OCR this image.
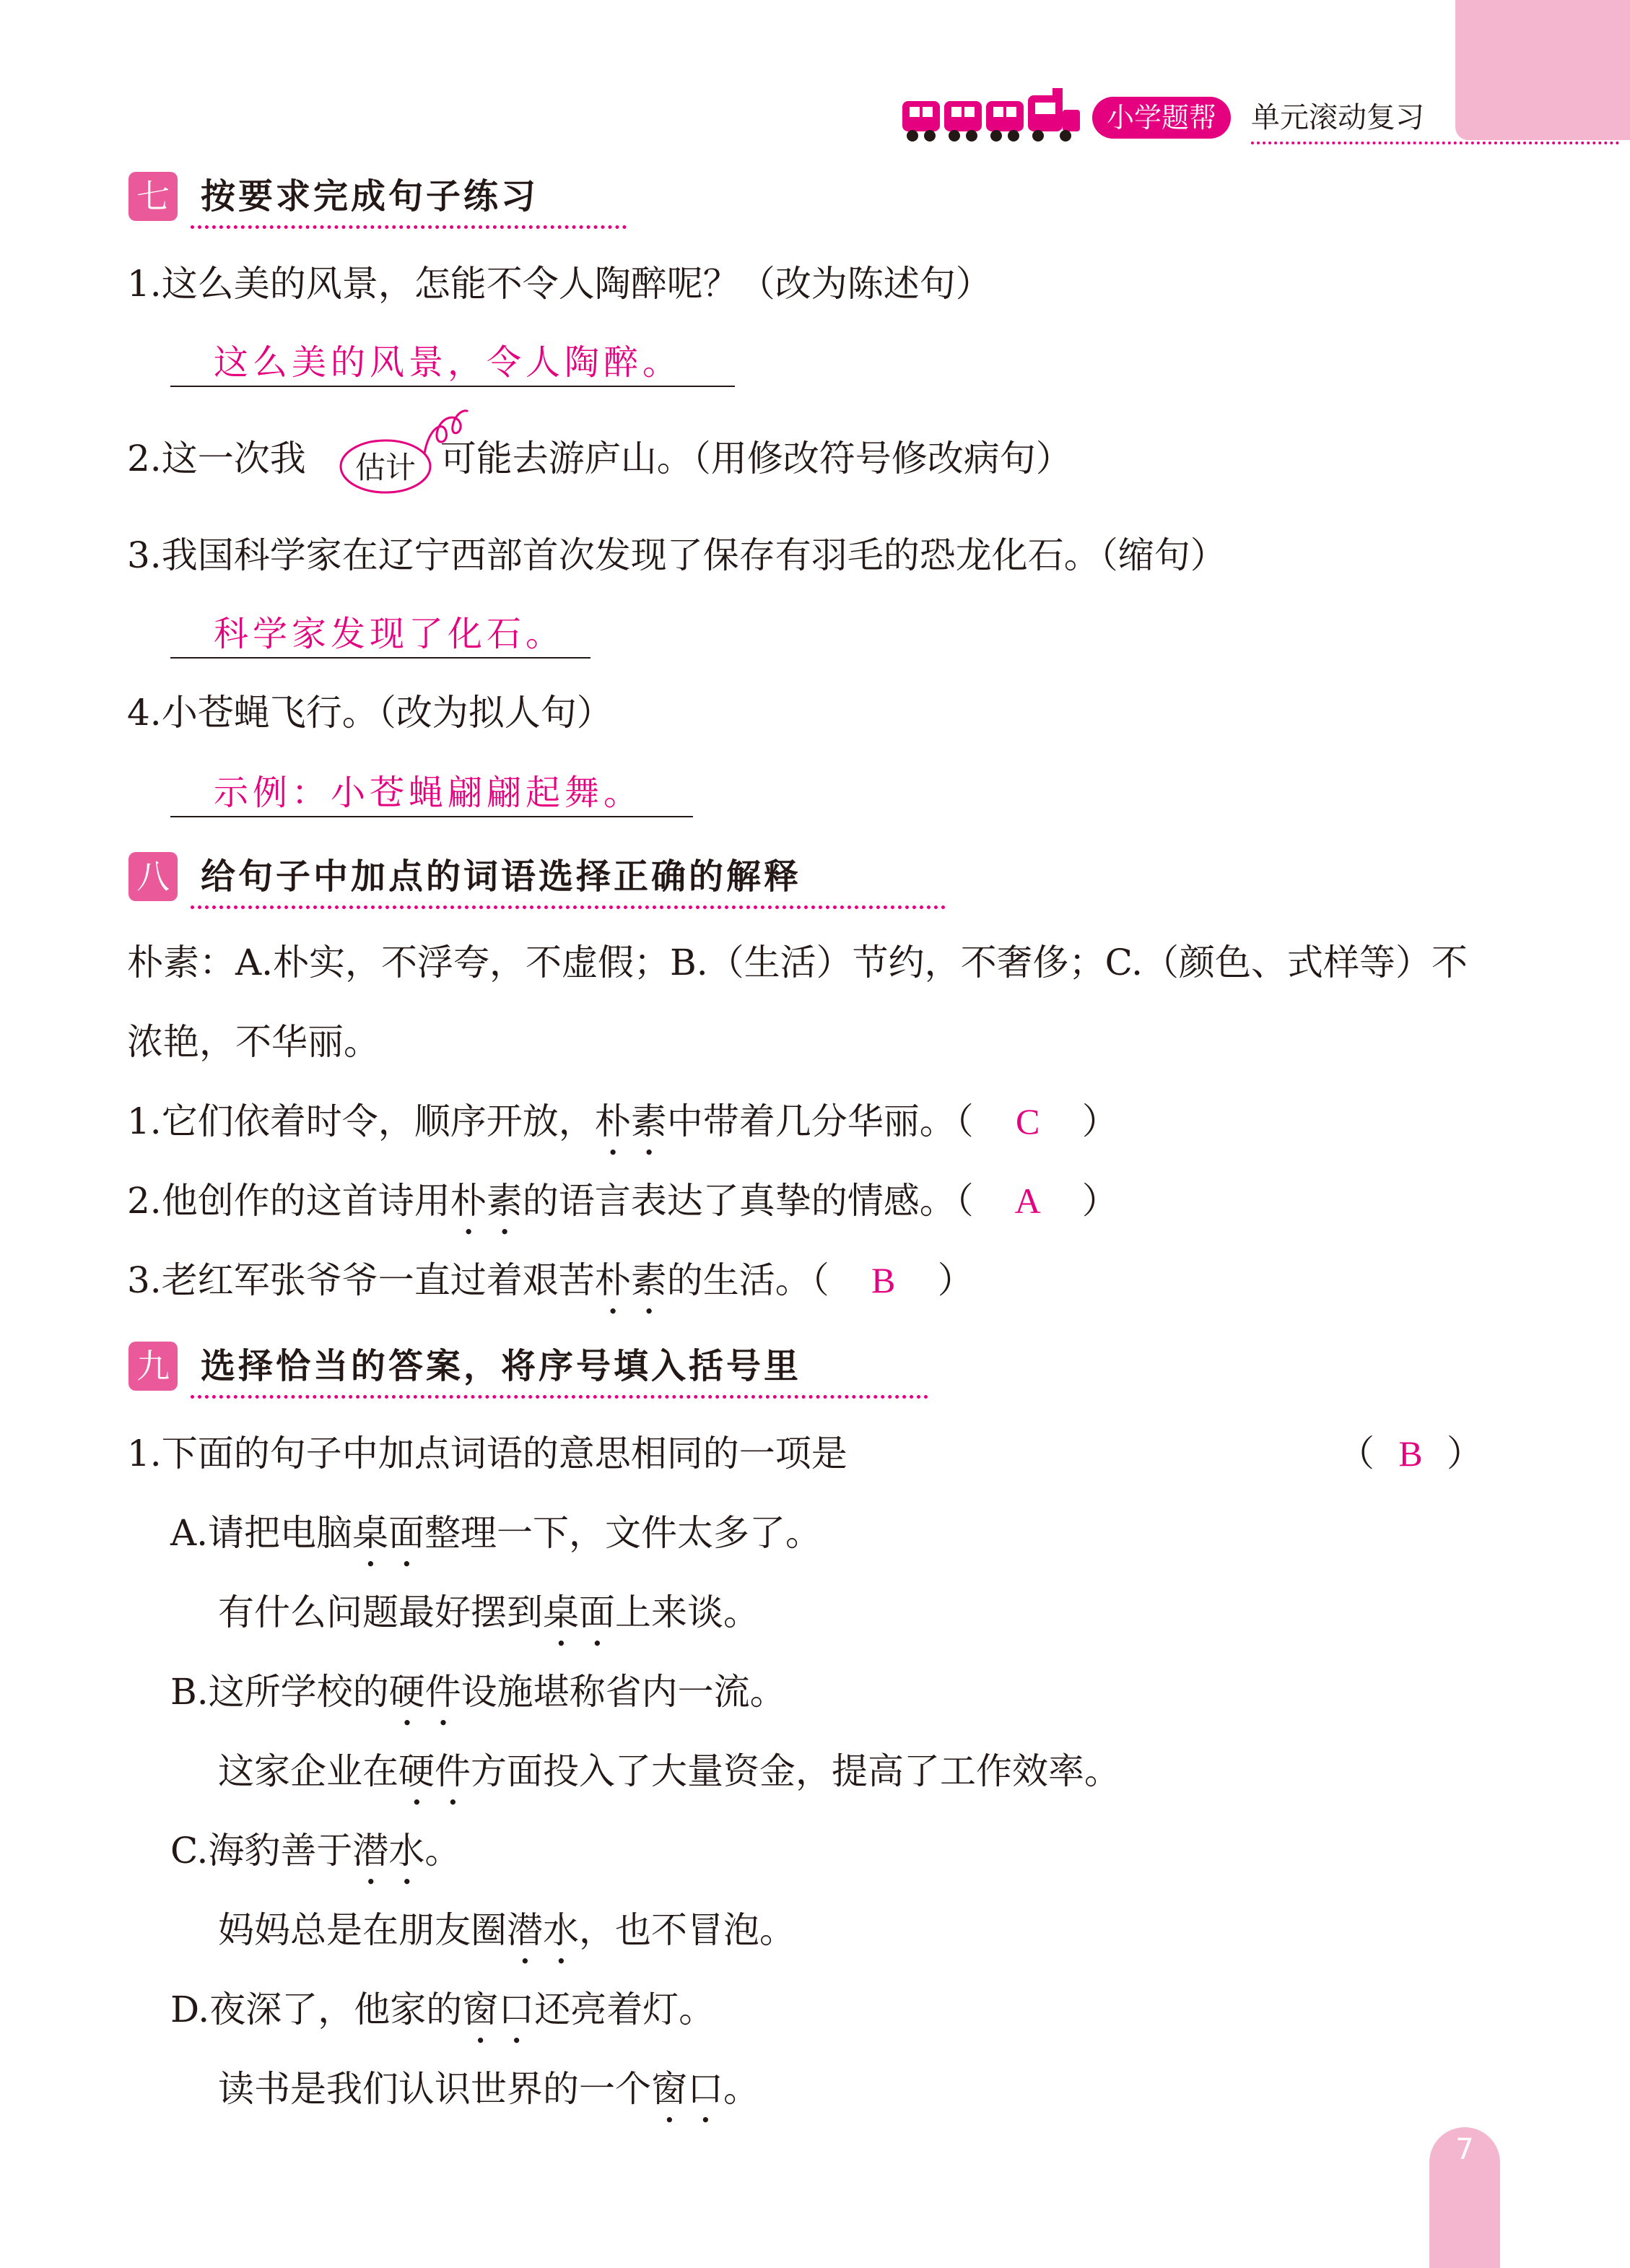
小学题帮	单元滚动复习
七 按要求完成句子练习
1.这么美的风景，怎能不令人陶醉呢？（改为陈述句）
这么美的风景，令人陶醉。
2.这一次我	可能去游庐山。（用修改符号修改病句）
估计
3.我国科学家在辽宁西部首次发现了保存有羽毛的恐龙化石。（缩句）
科学家发现了化石。
4.小苍蝇飞行。（改为拟人句）
示例：小苍蝇翩翩起舞。
八 给句子中加点的词语选择正确的解释
朴素：A.朴实，不浮夸，不虚假；B.（生活）节约，不奢侈；C.（颜色、式样等）不
浓艳，不华丽。
1.它们依着时令，顺序开放，朴素中带着几分华丽。（ C ）
2.他创作的这首诗用朴素的语言表达了真挚的情感。（ A ）
3.老红军张爷爷一直过着艰苦朴素的生活。（ B ）
九 选择恰当的答案，将序号填入括号里
1.下面的句子中加点词语的意思相同的一项是	（ B ）
A.请把电脑桌面整理一下，文件太多了。
有什么问题最好摆到桌面上来谈。
B.这所学校的硬件设施堪称省内一流。
这家企业在硬件方面投入了大量资金，提高了工作效率。
C.海豹善于潜水。
妈妈总是在朋友圈潜水，也不冒泡。
D.夜深了，他家的窗口还亮着灯。
读书是我们认识世界的一个窗口。
7
